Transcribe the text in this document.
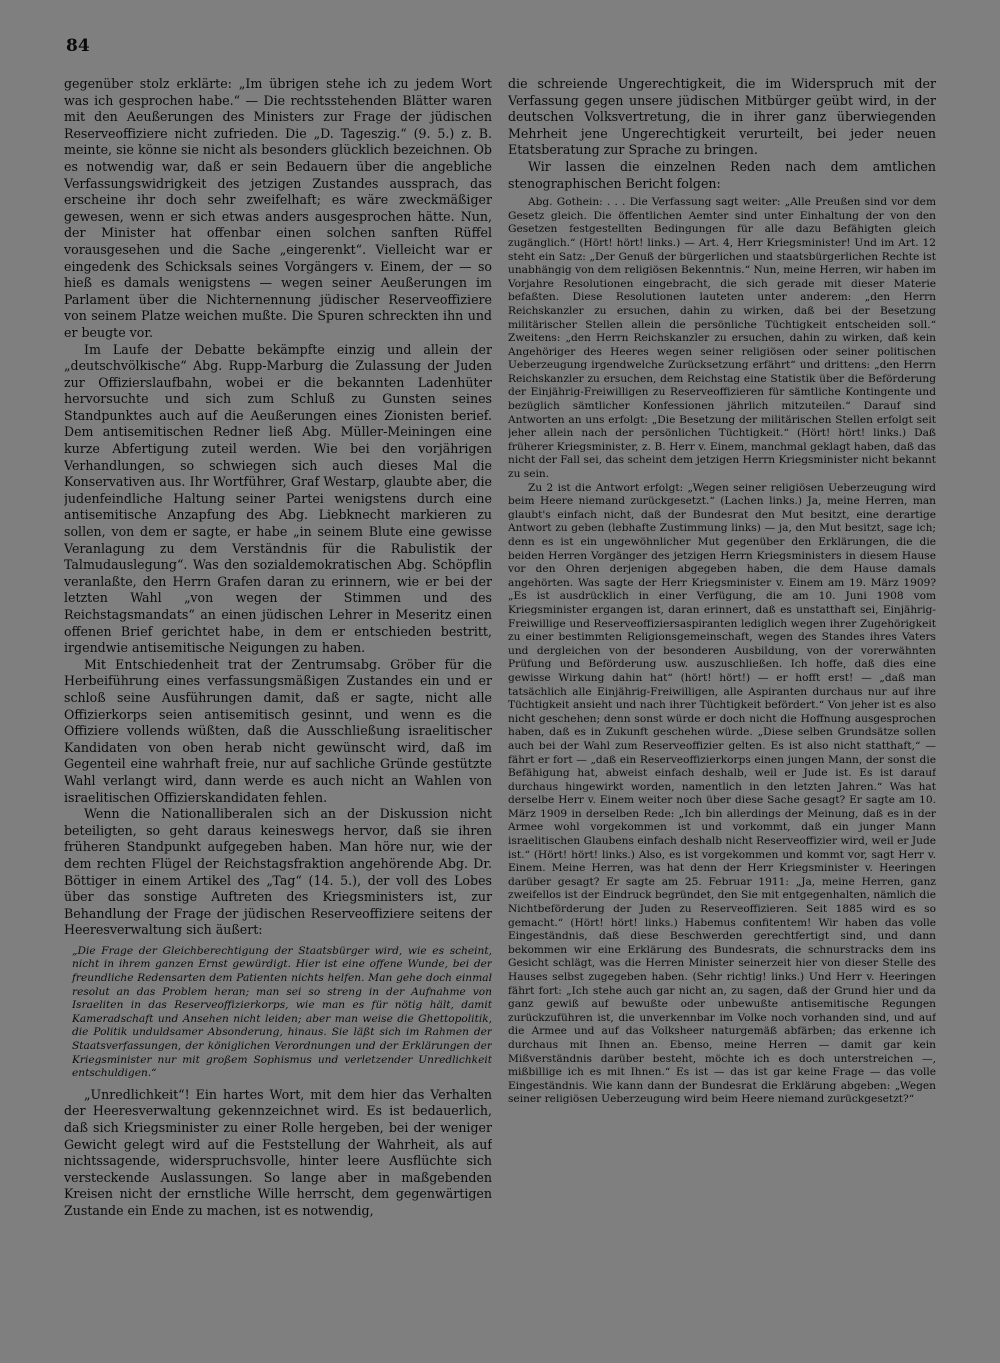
84

gegenüber stolz erklärte: „Im übrigen stehe ich zu jedem Wort was ich gesprochen habe.“ — Die rechtsstehenden Blätter waren mit den Aeußerungen des Ministers zur Frage der jüdischen Reserveoffiziere nicht zufrieden. Die „D. Tageszig.“ (9. 5.) z. B. meinte, sie könne sie nicht als besonders glücklich bezeichnen. Ob es notwendig war, daß er sein Bedauern über die angebliche Verfassungswidrigkeit des jetzigen Zustandes aussprach, das erscheine ihr doch sehr zweifelhaft; es wäre zweckmäßiger gewesen, wenn er sich etwas anders ausgesprochen hätte. Nun, der Minister hat offenbar einen solchen sanften Rüffel vorausgesehen und die Sache „eingerenkt“. Vielleicht war er eingedenk des Schicksals seines Vorgängers v. Einem, der — so hieß es damals wenigstens — wegen seiner Aeußerungen im Parlament über die Nichternennung jüdischer Reserveoffiziere von seinem Platze weichen mußte. Die Spuren schreckten ihn und er beugte vor.

Im Laufe der Debatte bekämpfte einzig und allein der „deutschvölkische“ Abg. Rupp-Marburg die Zulassung der Juden zur Offizierslaufbahn, wobei er die bekannten Ladenhüter hervorsuchte und sich zum Schluß zu Gunsten seines Standpunktes auch auf die Aeußerungen eines Zionisten berief. Dem antisemitischen Redner ließ Abg. Müller-Meiningen eine kurze Abfertigung zuteil werden. Wie bei den vorjährigen Verhandlungen, so schwiegen sich auch dieses Mal die Konservativen aus. Ihr Wortführer, Graf Westarp, glaubte aber, die judenfeindliche Haltung seiner Partei wenigstens durch eine antisemitische Anzapfung des Abg. Liebknecht markieren zu sollen, von dem er sagte, er habe „in seinem Blute eine gewisse Veranlagung zu dem Verständnis für die Rabulistik der Talmudauslegung“. Was den sozialdemokratischen Abg. Schöpflin veranlaßte, den Herrn Grafen daran zu erinnern, wie er bei der letzten Wahl „von wegen der Stimmen und des Reichstagsmandats“ an einen jüdischen Lehrer in Meseritz einen offenen Brief gerichtet habe, in dem er entschieden bestritt, irgendwie antisemitische Neigungen zu haben.

Mit Entschiedenheit trat der Zentrumsabg. Gröber für die Herbeiführung eines verfassungsmäßigen Zustandes ein und er schloß seine Ausführungen damit, daß er sagte, nicht alle Offizierkorps seien antisemitisch gesinnt, und wenn es die Offiziere vollends wüßten, daß die Ausschließung israelitischer Kandidaten von oben herab nicht gewünscht wird, daß im Gegenteil eine wahrhaft freie, nur auf sachliche Gründe gestützte Wahl verlangt wird, dann werde es auch nicht an Wahlen von israelitischen Offizierskandidaten fehlen.

Wenn die Nationalliberalen sich an der Diskussion nicht beteiligten, so geht daraus keineswegs hervor, daß sie ihren früheren Standpunkt aufgegeben haben. Man höre nur, wie der dem rechten Flügel der Reichstagsfraktion angehörende Abg. Dr. Böttiger in einem Artikel des „Tag“ (14. 5.), der voll des Lobes über das sonstige Auftreten des Kriegsministers ist, zur Behandlung der Frage der jüdischen Reserveoffiziere seitens der Heeresverwaltung sich äußert:

„Die Frage der Gleichberechtigung der Staatsbürger wird, wie es scheint, nicht in ihrem ganzen Ernst gewürdigt. Hier ist eine offene Wunde, bei der freundliche Redensarten dem Patienten nichts helfen. Man gehe doch einmal resolut an das Problem heran; man sei so streng in der Aufnahme von Israeliten in das Reserveoffizierkorps, wie man es für nötig hält, damit Kameradschaft und Ansehen nicht leiden; aber man weise die Ghettopolitik, die Politik unduldsamer Absonderung, hinaus. Sie läßt sich im Rahmen der Staatsverfassungen, der königlichen Verordnungen und der Erklärungen der Kriegsminister nur mit großem Sophismus und verletzender Unredlichkeit entschuldigen.“

„Unredlichkeit“! Ein hartes Wort, mit dem hier das Verhalten der Heeresverwaltung gekennzeichnet wird. Es ist bedauerlich, daß sich Kriegsminister zu einer Rolle hergeben, bei der weniger Gewicht gelegt wird auf die Feststellung der Wahrheit, als auf nichtssagende, widerspruchsvolle, hinter leere Ausflüchte sich versteckende Auslassungen. So lange aber in maßgebenden Kreisen nicht der ernstliche Wille herrscht, dem gegenwärtigen Zustande ein Ende zu machen, ist es notwendig,

die schreiende Ungerechtigkeit, die im Widerspruch mit der Verfassung gegen unsere jüdischen Mitbürger geübt wird, in der deutschen Volksvertretung, die in ihrer ganz überwiegenden Mehrheit jene Ungerechtigkeit verurteilt, bei jeder neuen Etatsberatung zur Sprache zu bringen.

Wir lassen die einzelnen Reden nach dem amtlichen stenographischen Bericht folgen:

Abg. Gothein: . . . Die Verfassung sagt weiter: „Alle Preußen sind vor dem Gesetz gleich. Die öffentlichen Aemter sind unter Einhaltung der von den Gesetzen festgestellten Bedingungen für alle dazu Befähigten gleich zugänglich.“ (Hört! hört! links.) — Art. 4, Herr Kriegsminister! Und im Art. 12 steht ein Satz: „Der Genuß der bürgerlichen und staatsbürgerlichen Rechte ist unabhängig von dem religiösen Bekenntnis.“ Nun, meine Herren, wir haben im Vorjahre Resolutionen eingebracht, die sich gerade mit dieser Materie befaßten. Diese Resolutionen lauteten unter anderem: „den Herrn Reichskanzler zu ersuchen, dahin zu wirken, daß bei der Besetzung militärischer Stellen allein die persönliche Tüchtigkeit entscheiden soll.“ Zweitens: „den Herrn Reichskanzler zu ersuchen, dahin zu wirken, daß kein Angehöriger des Heeres wegen seiner religiösen oder seiner politischen Ueberzeugung irgendwelche Zurücksetzung erfährt“ und drittens: „den Herrn Reichskanzler zu ersuchen, dem Reichstag eine Statistik über die Beförderung der Einjährig-Freiwilligen zu Reserveoffizieren für sämtliche Kontingente und bezüglich sämtlicher Konfessionen jährlich mitzuteilen.“ Darauf sind Antworten an uns erfolgt: „Die Besetzung der militärischen Stellen erfolgt seit jeher allein nach der persönlichen Tüchtigkeit.“ (Hört! hört! links.) Daß früherer Kriegsminister, z. B. Herr v. Einem, manchmal geklagt haben, daß das nicht der Fall sei, das scheint dem jetzigen Herrn Kriegsminister nicht bekannt zu sein.

Zu 2 ist die Antwort erfolgt: „Wegen seiner religiösen Ueberzeugung wird beim Heere niemand zurückgesetzt.“ (Lachen links.) Ja, meine Herren, man glaubt's einfach nicht, daß der Bundesrat den Mut besitzt, eine derartige Antwort zu geben (lebhafte Zustimmung links) — ja, den Mut besitzt, sage ich; denn es ist ein ungewöhnlicher Mut gegenüber den Erklärungen, die die beiden Herren Vorgänger des jetzigen Herrn Kriegsministers in diesem Hause vor den Ohren derjenigen abgegeben haben, die dem Hause damals angehörten. Was sagte der Herr Kriegsminister v. Einem am 19. März 1909? „Es ist ausdrücklich in einer Verfügung, die am 10. Juni 1908 vom Kriegsminister ergangen ist, daran erinnert, daß es unstatthaft sei, Einjährig-Freiwillige und Reserveoffiziersaspiranten lediglich wegen ihrer Zugehörigkeit zu einer bestimmten Religionsgemeinschaft, wegen des Standes ihres Vaters und dergleichen von der besonderen Ausbildung, von der vorerwähnten Prüfung und Beförderung usw. auszuschließen. Ich hoffe, daß dies eine gewisse Wirkung dahin hat“ (hört! hört!) — er hofft erst! — „daß man tatsächlich alle Einjährig-Freiwilligen, alle Aspiranten durchaus nur auf ihre Tüchtigkeit ansieht und nach ihrer Tüchtigkeit befördert.“ Von jeher ist es also nicht geschehen; denn sonst würde er doch nicht die Hoffnung ausgesprochen haben, daß es in Zukunft geschehen würde. „Diese selben Grundsätze sollen auch bei der Wahl zum Reserveoffizier gelten. Es ist also nicht statthaft,“ — fährt er fort — „daß ein Reserveoffizierkorps einen jungen Mann, der sonst die Befähigung hat, abweist einfach deshalb, weil er Jude ist. Es ist darauf durchaus hingewirkt worden, namentlich in den letzten Jahren.“ Was hat derselbe Herr v. Einem weiter noch über diese Sache gesagt? Er sagte am 10. März 1909 in derselben Rede: „Ich bin allerdings der Meinung, daß es in der Armee wohl vorgekommen ist und vorkommt, daß ein junger Mann israelitischen Glaubens einfach deshalb nicht Reserveoffizier wird, weil er Jude ist.“ (Hört! hört! links.) Also, es ist vorgekommen und kommt vor, sagt Herr v. Einem. Meine Herren, was hat denn der Herr Kriegsminister v. Heeringen darüber gesagt? Er sagte am 25. Februar 1911: „Ja, meine Herren, ganz zweifellos ist der Eindruck begründet, den Sie mit entgegenhalten, nämlich die Nichtbeförderung der Juden zu Reserveoffizieren. Seit 1885 wird es so gemacht.“ (Hört! hört! links.) Habemus confitentem! Wir haben das volle Eingeständnis, daß diese Beschwerden gerechtfertigt sind, und dann bekommen wir eine Erklärung des Bundesrats, die schnurstracks dem ins Gesicht schlägt, was die Herren Minister seinerzeit hier von dieser Stelle des Hauses selbst zugegeben haben. (Sehr richtig! links.) Und Herr v. Heeringen fährt fort: „Ich stehe auch gar nicht an, zu sagen, daß der Grund hier und da ganz gewiß auf bewußte oder unbewußte antisemitische Regungen zurückzuführen ist, die unverkennbar im Volke noch vorhanden sind, und auf die Armee und auf das Volksheer naturgemäß abfärben; das erkenne ich durchaus mit Ihnen an. Ebenso, meine Herren — damit gar kein Mißverständnis darüber besteht, möchte ich es doch unterstreichen —, mißbillige ich es mit Ihnen.“ Es ist — das ist gar keine Frage — das volle Eingeständnis. Wie kann dann der Bundesrat die Erklärung abgeben: „Wegen seiner religiösen Ueberzeugung wird beim Heere niemand zurückgesetzt?“
